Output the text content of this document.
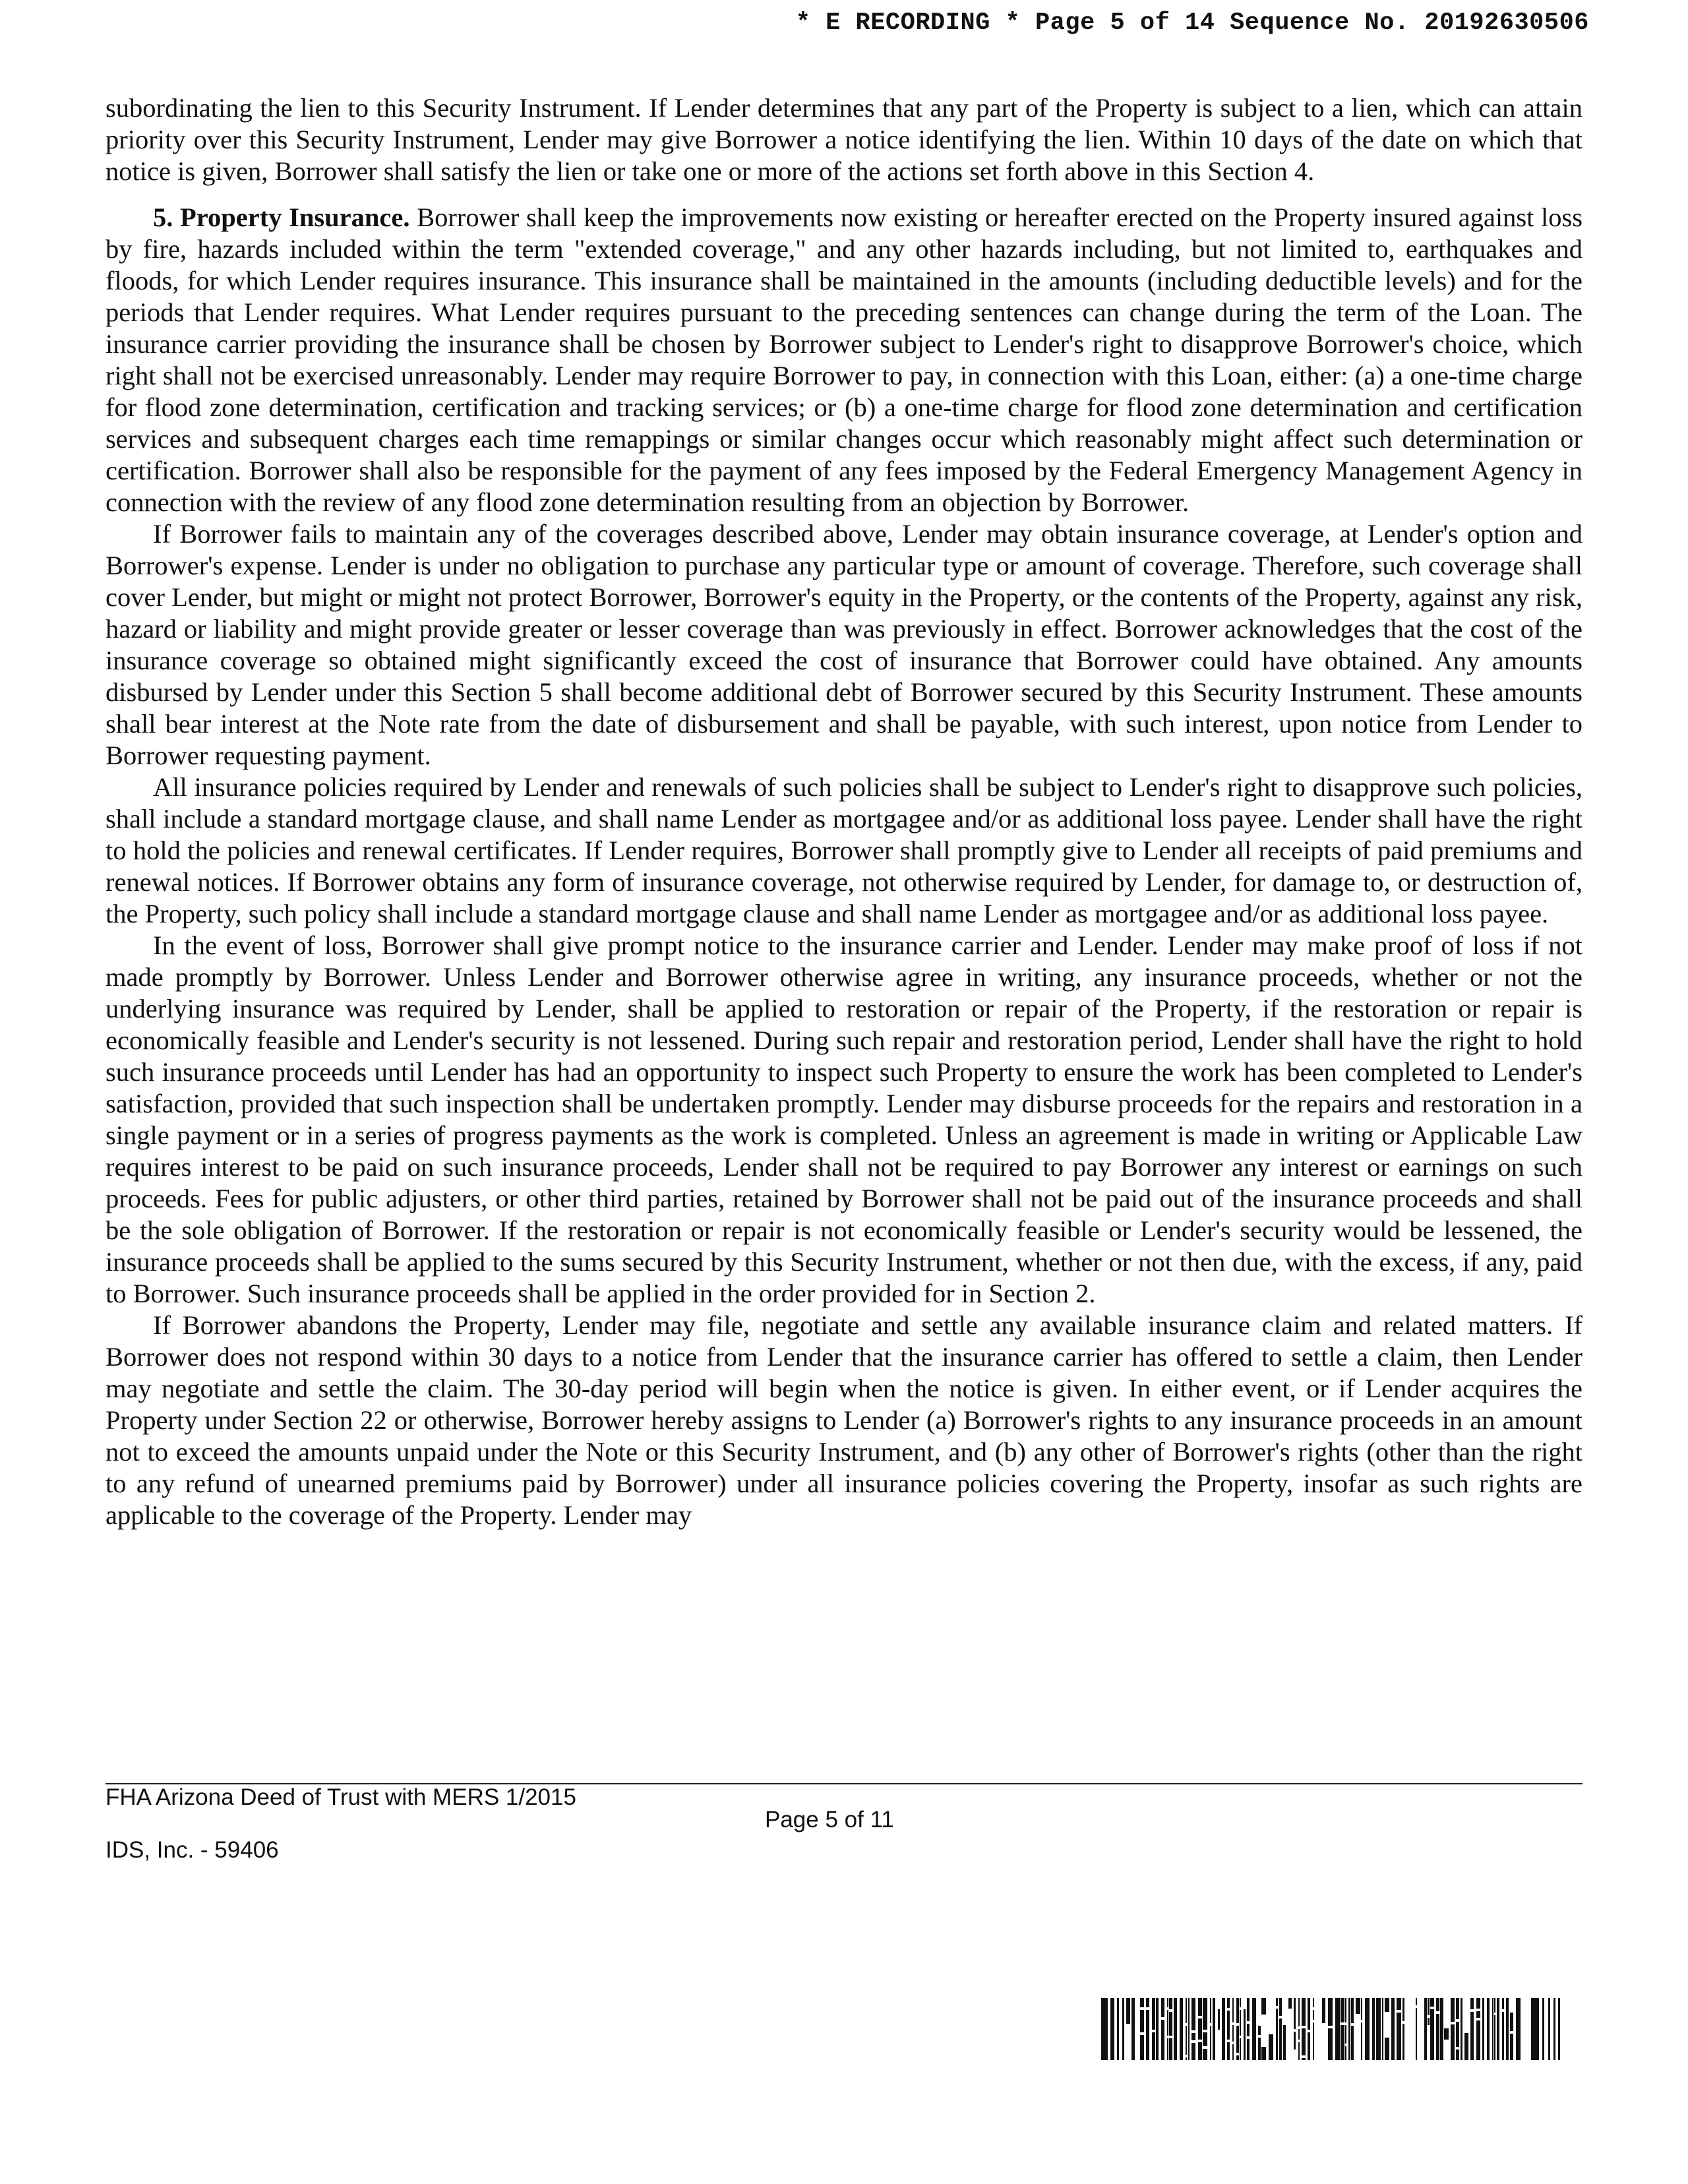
* E RECORDING * Page 5 of 14 Sequence No. 20192630506

subordinating the lien to this Security Instrument. If Lender determines that any part of the Property is subject to a lien, which can attain priority over this Security Instrument, Lender may give Borrower a notice identifying the lien. Within 10 days of the date on which that notice is given, Borrower shall satisfy the lien or take one or more of the actions set forth above in this Section 4.

5. Property Insurance. Borrower shall keep the improvements now existing or hereafter erected on the Property insured against loss by fire, hazards included within the term "extended coverage," and any other hazards including, but not limited to, earthquakes and floods, for which Lender requires insurance. This insurance shall be maintained in the amounts (including deductible levels) and for the periods that Lender requires. What Lender requires pursuant to the preceding sentences can change during the term of the Loan. The insurance carrier providing the insurance shall be chosen by Borrower subject to Lender's right to disapprove Borrower's choice, which right shall not be exercised unreasonably. Lender may require Borrower to pay, in connection with this Loan, either: (a) a one-time charge for flood zone determination, certification and tracking services; or (b) a one-time charge for flood zone determination and certification services and subsequent charges each time remappings or similar changes occur which reasonably might affect such determination or certification. Borrower shall also be responsible for the payment of any fees imposed by the Federal Emergency Management Agency in connection with the review of any flood zone determination resulting from an objection by Borrower.

If Borrower fails to maintain any of the coverages described above, Lender may obtain insurance coverage, at Lender's option and Borrower's expense. Lender is under no obligation to purchase any particular type or amount of coverage. Therefore, such coverage shall cover Lender, but might or might not protect Borrower, Borrower's equity in the Property, or the contents of the Property, against any risk, hazard or liability and might provide greater or lesser coverage than was previously in effect. Borrower acknowledges that the cost of the insurance coverage so obtained might significantly exceed the cost of insurance that Borrower could have obtained. Any amounts disbursed by Lender under this Section 5 shall become additional debt of Borrower secured by this Security Instrument. These amounts shall bear interest at the Note rate from the date of disbursement and shall be payable, with such interest, upon notice from Lender to Borrower requesting payment.

All insurance policies required by Lender and renewals of such policies shall be subject to Lender's right to disapprove such policies, shall include a standard mortgage clause, and shall name Lender as mortgagee and/or as additional loss payee. Lender shall have the right to hold the policies and renewal certificates. If Lender requires, Borrower shall promptly give to Lender all receipts of paid premiums and renewal notices. If Borrower obtains any form of insurance coverage, not otherwise required by Lender, for damage to, or destruction of, the Property, such policy shall include a standard mortgage clause and shall name Lender as mortgagee and/or as additional loss payee.

In the event of loss, Borrower shall give prompt notice to the insurance carrier and Lender. Lender may make proof of loss if not made promptly by Borrower. Unless Lender and Borrower otherwise agree in writing, any insurance proceeds, whether or not the underlying insurance was required by Lender, shall be applied to restoration or repair of the Property, if the restoration or repair is economically feasible and Lender's security is not lessened. During such repair and restoration period, Lender shall have the right to hold such insurance proceeds until Lender has had an opportunity to inspect such Property to ensure the work has been completed to Lender's satisfaction, provided that such inspection shall be undertaken promptly. Lender may disburse proceeds for the repairs and restoration in a single payment or in a series of progress payments as the work is completed. Unless an agreement is made in writing or Applicable Law requires interest to be paid on such insurance proceeds, Lender shall not be required to pay Borrower any interest or earnings on such proceeds. Fees for public adjusters, or other third parties, retained by Borrower shall not be paid out of the insurance proceeds and shall be the sole obligation of Borrower. If the restoration or repair is not economically feasible or Lender's security would be lessened, the insurance proceeds shall be applied to the sums secured by this Security Instrument, whether or not then due, with the excess, if any, paid to Borrower. Such insurance proceeds shall be applied in the order provided for in Section 2.

If Borrower abandons the Property, Lender may file, negotiate and settle any available insurance claim and related matters. If Borrower does not respond within 30 days to a notice from Lender that the insurance carrier has offered to settle a claim, then Lender may negotiate and settle the claim. The 30-day period will begin when the notice is given. In either event, or if Lender acquires the Property under Section 22 or otherwise, Borrower hereby assigns to Lender (a) Borrower's rights to any insurance proceeds in an amount not to exceed the amounts unpaid under the Note or this Security Instrument, and (b) any other of Borrower's rights (other than the right to any refund of unearned premiums paid by Borrower) under all insurance policies covering the Property, insofar as such rights are applicable to the coverage of the Property. Lender may

FHA Arizona Deed of Trust with MERS 1/2015
Page 5 of 11
IDS, Inc. - 59406
